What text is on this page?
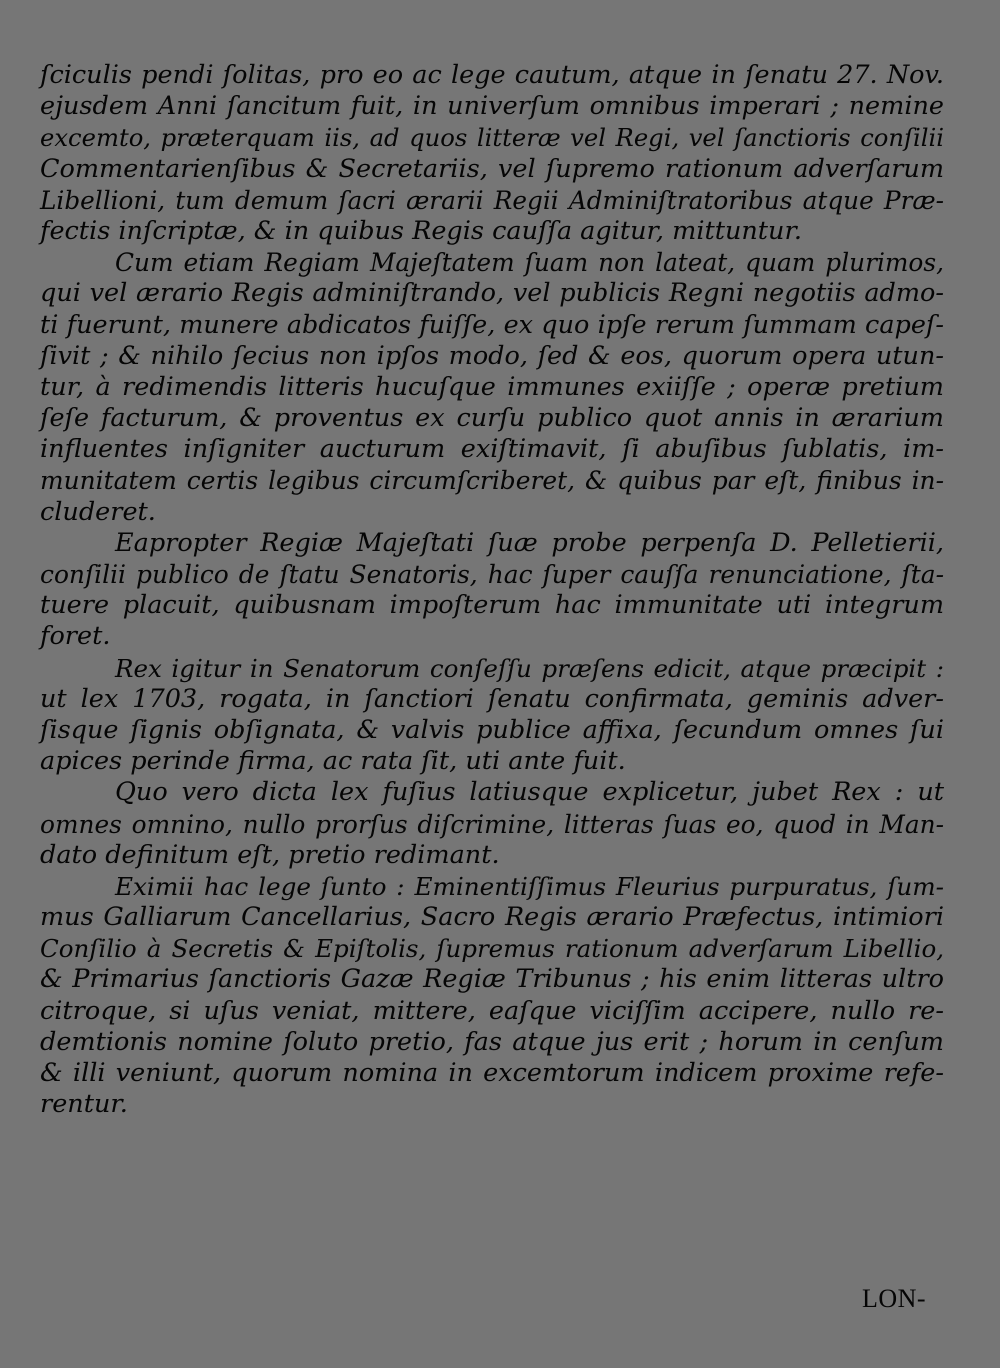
ſciculis pendi ſolitas, pro eo ac lege cautum, atque in ſenatu 27. Nov.
ejusdem Anni ſancitum fuit, in univerſum omnibus imperari ; nemine
excemto, præterquam iis, ad quos litteræ vel Regi, vel ſanctioris conſilii
Commentarienſibus & Secretariis, vel ſupremo rationum adverſarum
Libellioni, tum demum ſacri ærarii Regii Adminiſtratoribus atque Præ-
fectis inſcriptæ, & in quibus Regis cauſſa agitur, mittuntur.
Cum etiam Regiam Majeſtatem ſuam non lateat, quam plurimos,
qui vel ærario Regis adminiſtrando, vel publicis Regni negotiis admo-
ti fuerunt, munere abdicatos fuiſſe, ex quo ipſe rerum ſummam capeſ-
ſivit ; & nihilo ſecius non ipſos modo, ſed & eos, quorum opera utun-
tur, à redimendis litteris hucuſque immunes exiiſſe ; operæ pretium
ſeſe facturum, & proventus ex curſu publico quot annis in ærarium
influentes inſigniter aucturum exiſtimavit, ſi abuſibus ſublatis, im-
munitatem certis legibus circumſcriberet, & quibus par eſt, finibus in-
cluderet.
Eapropter Regiæ Majeſtati ſuæ probe perpenſa D. Pelletierii,
conſilii publico de ſtatu Senatoris, hac ſuper cauſſa renunciatione, ſta-
tuere placuit, quibusnam impoſterum hac immunitate uti integrum
foret.
Rex igitur in Senatorum conſeſſu præſens edicit, atque præcipit :
ut lex 1703, rogata, in ſanctiori ſenatu confirmata, geminis adver-
ſisque ſignis obſignata, & valvis publice affixa, ſecundum omnes ſui
apices perinde firma, ac rata ſit, uti ante fuit.
Quo vero dicta lex fuſius latiusque explicetur, jubet Rex : ut
omnes omnino, nullo prorſus diſcrimine, litteras ſuas eo, quod in Man-
dato definitum eſt, pretio redimant.
Eximii hac lege ſunto : Eminentiſſimus Fleurius purpuratus, ſum-
mus Galliarum Cancellarius, Sacro Regis ærario Præfectus, intimiori
Conſilio à Secretis & Epiſtolis, ſupremus rationum adverſarum Libellio,
& Primarius ſanctioris Gazæ Regiæ Tribunus ; his enim litteras ultro
citroque, si uſus veniat, mittere, eaſque viciſſim accipere, nullo re-
demtionis nomine ſoluto pretio, fas atque jus erit ; horum in cenſum
& illi veniunt, quorum nomina in excemtorum indicem proxime refe-
rentur.
LON-
